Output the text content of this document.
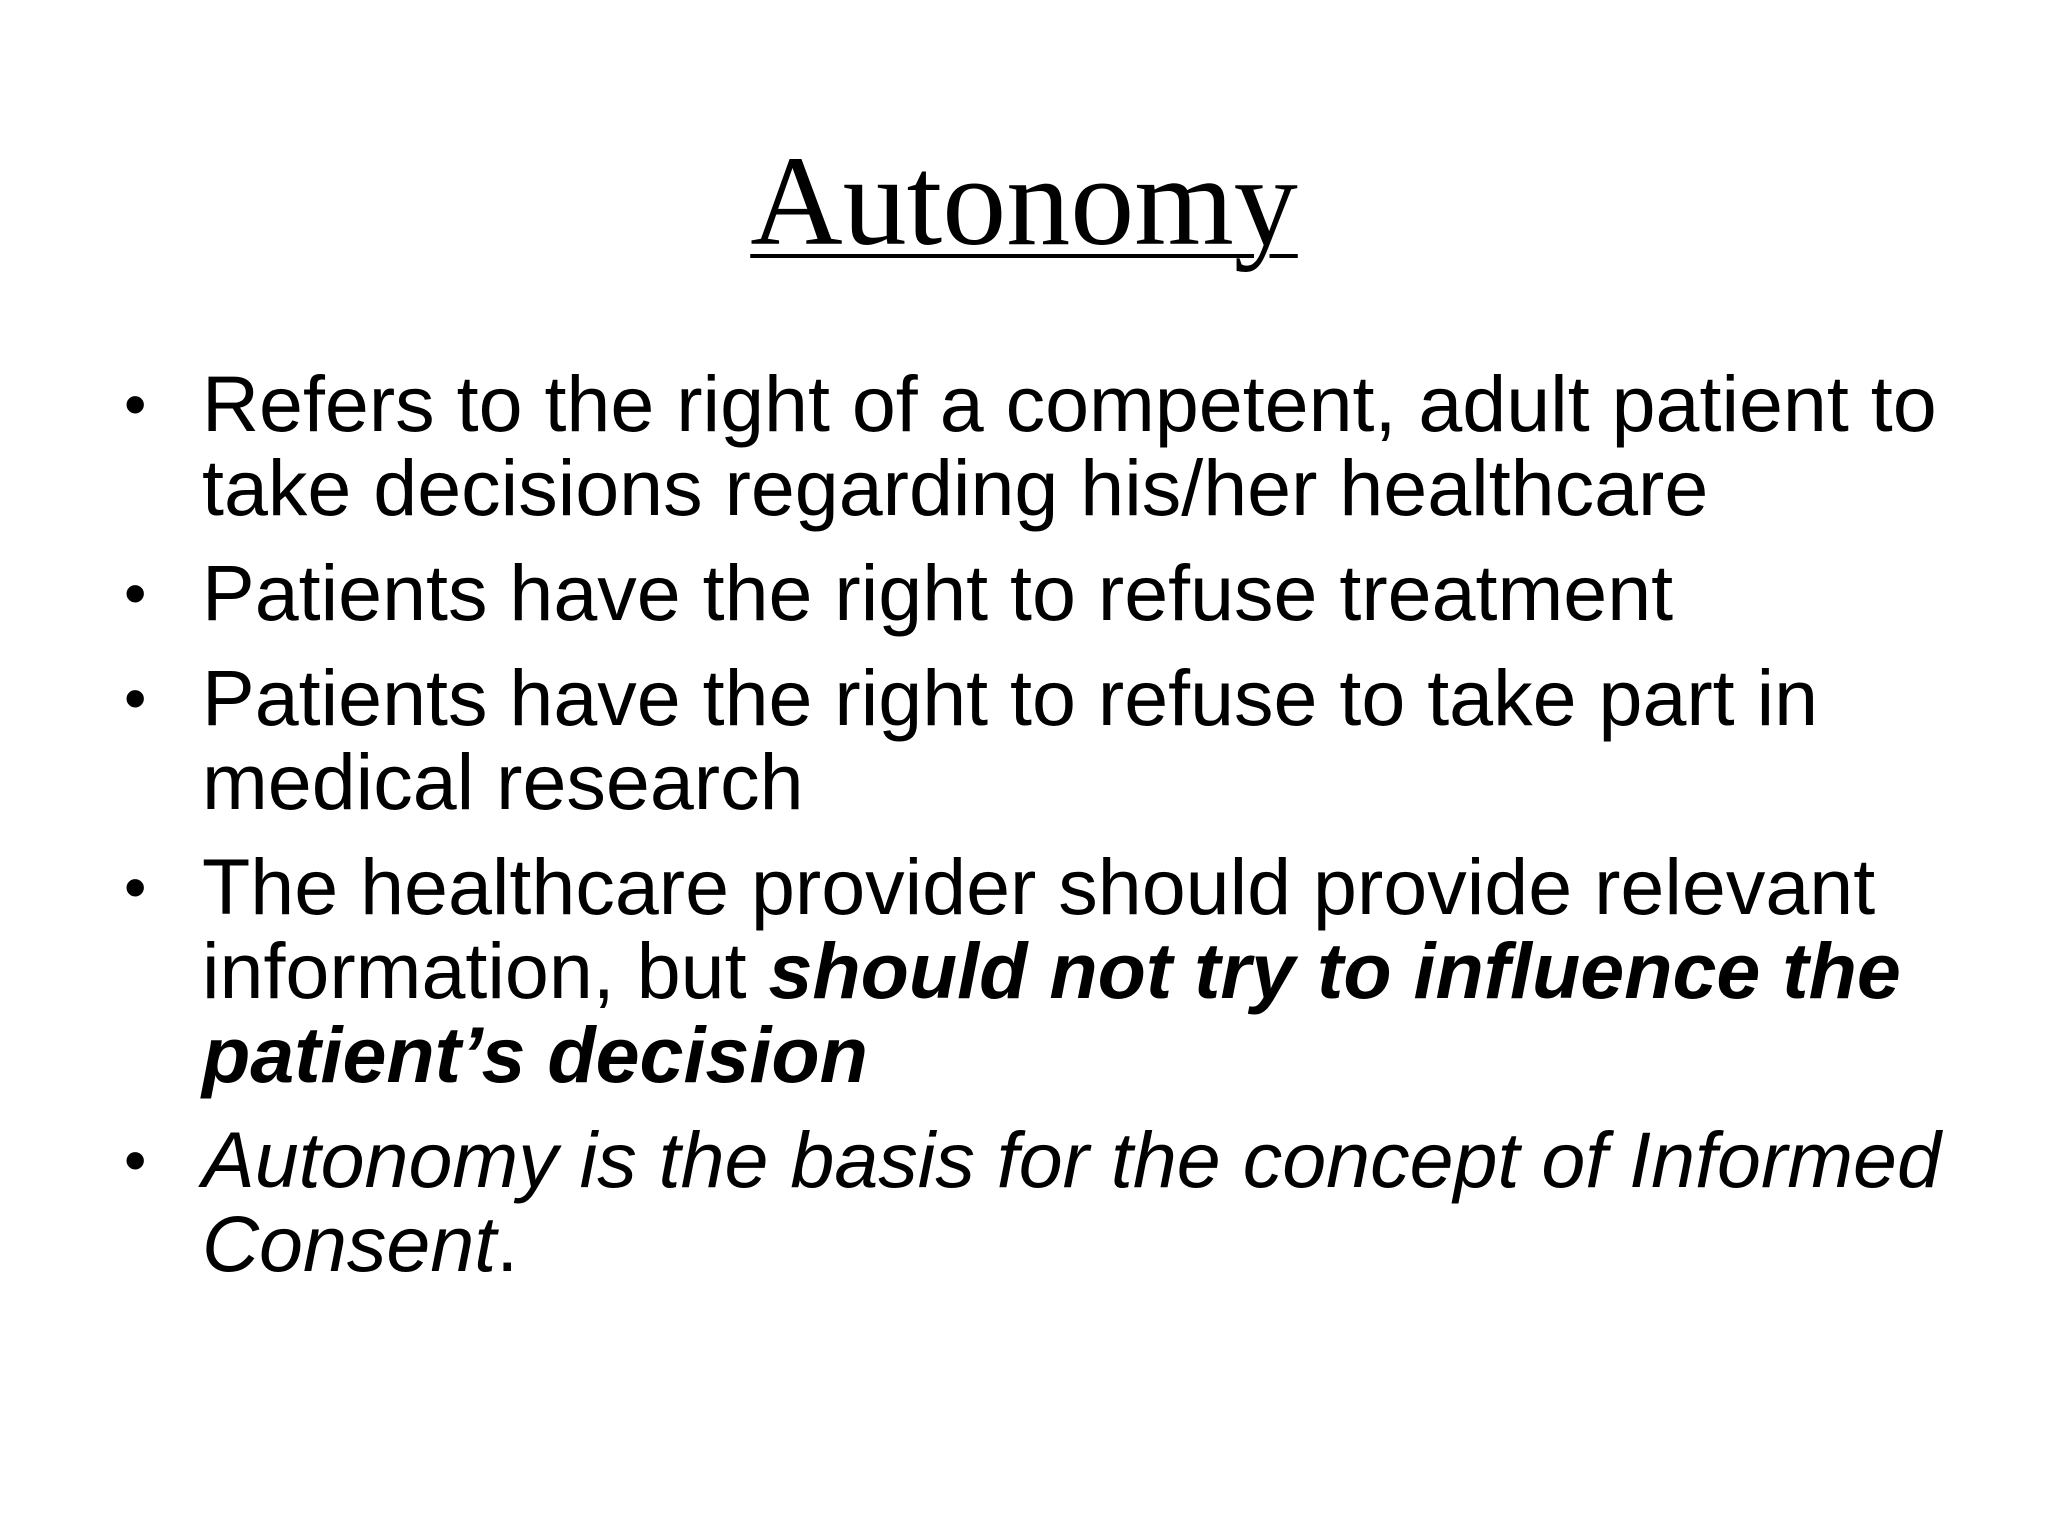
Autonomy
• Refers to the right of a competent, adult patient to take decisions regarding his/her healthcare
• Patients have the right to refuse treatment
• Patients have the right to refuse to take part in medical research
• The healthcare provider should provide relevant information, but should not try to influence the patient’s decision
• Autonomy is the basis for the concept of Informed Consent.
